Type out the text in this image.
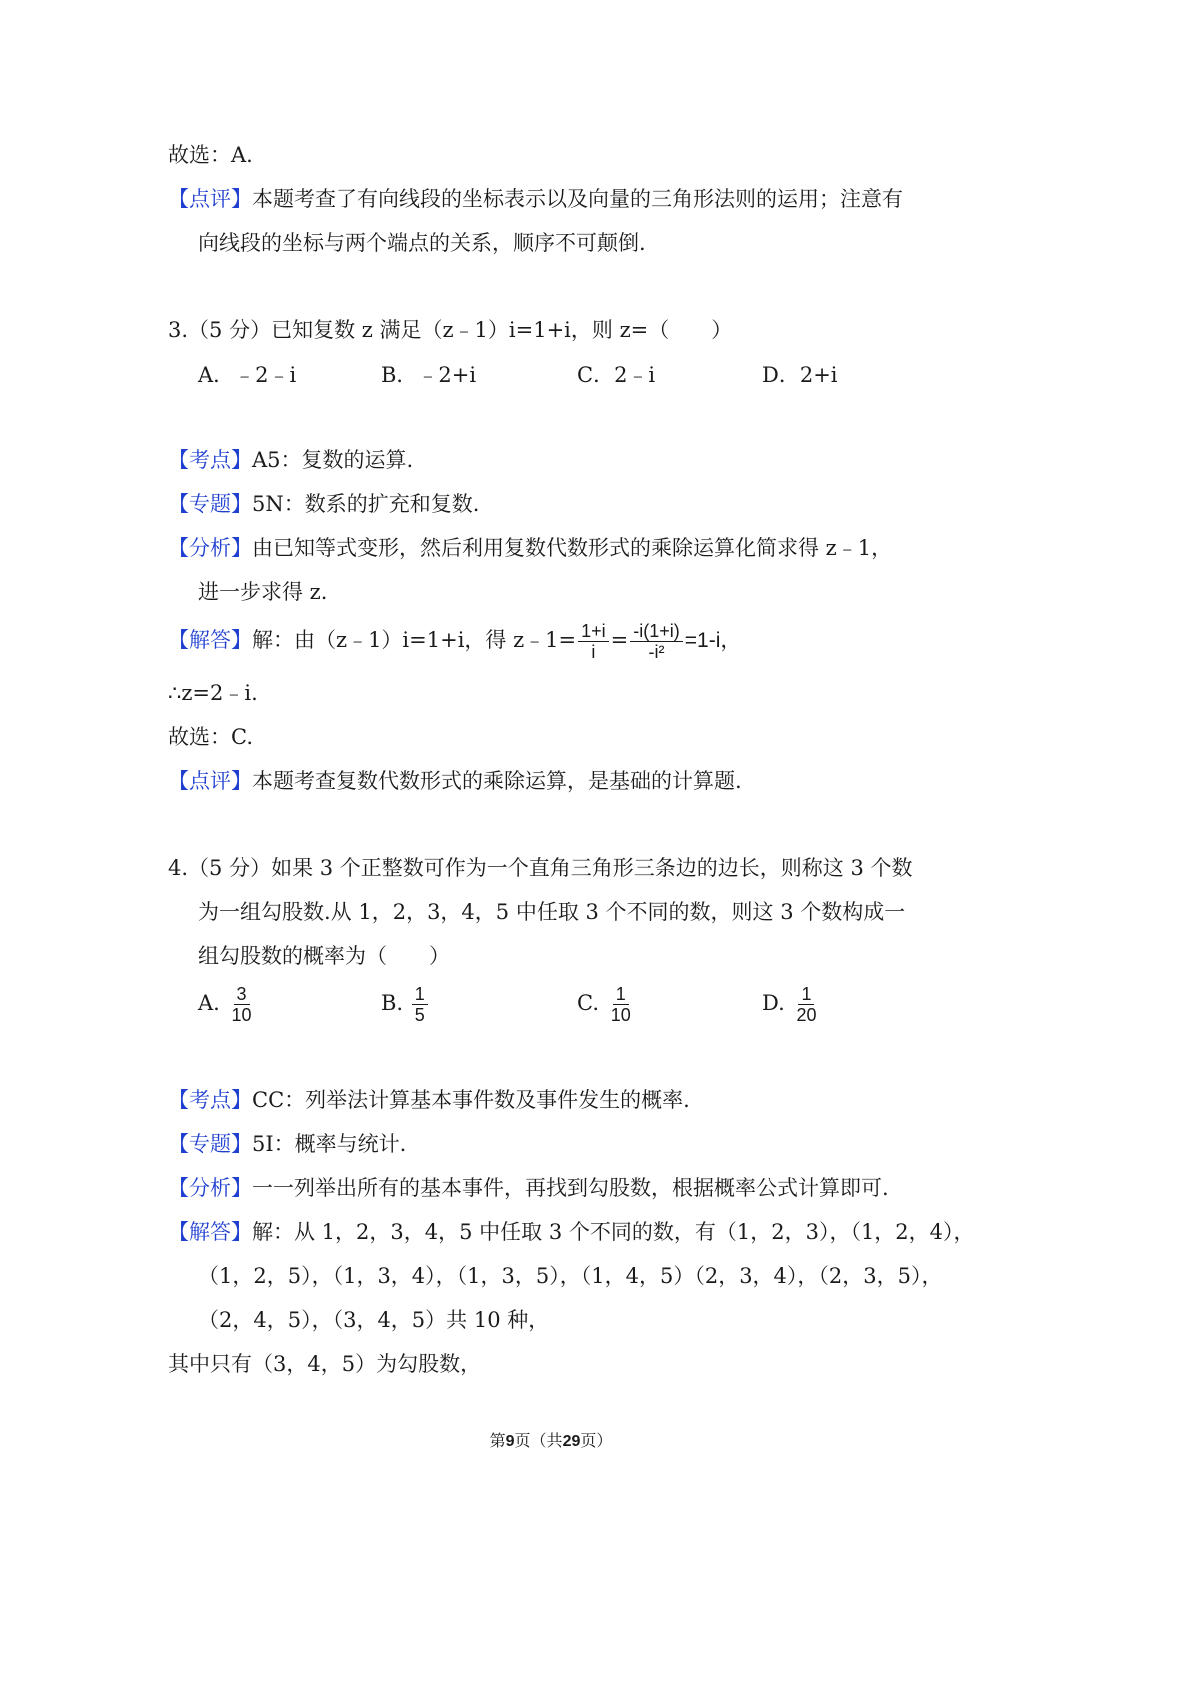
故选：A.
【点评】本题考查了有向线段的坐标表示以及向量的三角形法则的运用；注意有
向线段的坐标与两个端点的关系，顺序不可颠倒.
3.（5 分）已知复数 z 满足（z﹣1）i=1+i，则 z=（　　）
A．﹣2﹣i	B．﹣2+i	C．2﹣i	D．2+i
【考点】A5：复数的运算.
【专题】5N：数系的扩充和复数.
【分析】由已知等式变形，然后利用复数代数形式的乘除运算化简求得 z﹣1，
进一步求得 z.
【解答】解：由（z﹣1）i=1+i，得 z﹣1= $\frac{1+i}{i} = \frac{-i(1+i)}{\text{-i²}} =1-i$，
∴z=2﹣i.
故选：C.
【点评】本题考查复数代数形式的乘除运算，是基础的计算题.
4.（5 分）如果 3 个正整数可作为一个直角三角形三条边的边长，则称这 3 个数
为一组勾股数.从 1，2，3，4，5 中任取 3 个不同的数，则这 3 个数构成一
组勾股数的概率为（　　）
A. $\frac{3}{10}$	B. $\frac{1}{5}$	C. $\frac{1}{10}$	D. $\frac{1}{20}$
【考点】CC：列举法计算基本事件数及事件发生的概率.
【专题】5I：概率与统计.
【分析】一一列举出所有的基本事件，再找到勾股数，根据概率公式计算即可.
【解答】解：从 1，2，3，4，5 中任取 3 个不同的数，有（1，2，3），（1，2，4），
（1，2，5），（1，3，4），（1，3，5），（1，4，5）（2，3，4），（2，3，5），
（2，4，5），（3，4，5）共 10 种，
其中只有（3，4，5）为勾股数，
第9页（共29页）
